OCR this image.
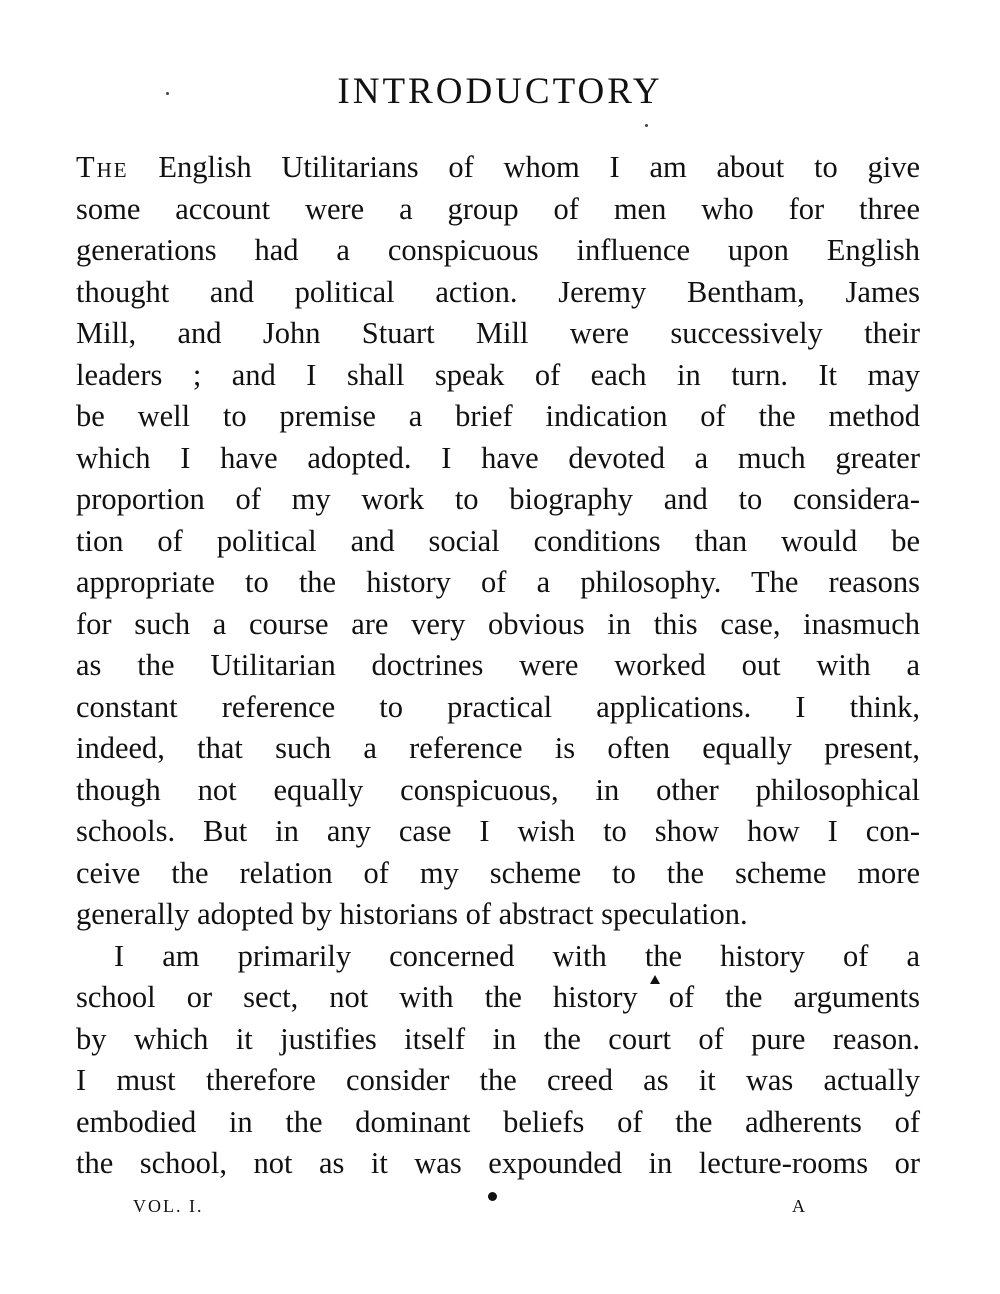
INTRODUCTORY
The English Utilitarians of whom I am about to give
some account were a group of men who for three
generations had a conspicuous influence upon English
thought and political action. Jeremy Bentham, James
Mill, and John Stuart Mill were successively their
leaders ; and I shall speak of each in turn. It may
be well to premise a brief indication of the method
which I have adopted. I have devoted a much greater
proportion of my work to biography and to considera-
tion of political and social conditions than would be
appropriate to the history of a philosophy. The reasons
for such a course are very obvious in this case, inasmuch
as the Utilitarian doctrines were worked out with a
constant reference to practical applications. I think,
indeed, that such a reference is often equally present,
though not equally conspicuous, in other philosophical
schools. But in any case I wish to show how I con-
ceive the relation of my scheme to the scheme more
generally adopted by historians of abstract speculation.
I am primarily concerned with the history of a
school or sect, not with the history of the arguments
by which it justifies itself in the court of pure reason.
I must therefore consider the creed as it was actually
embodied in the dominant beliefs of the adherents of
the school, not as it was expounded in lecture-rooms or
VOL. I.	A
